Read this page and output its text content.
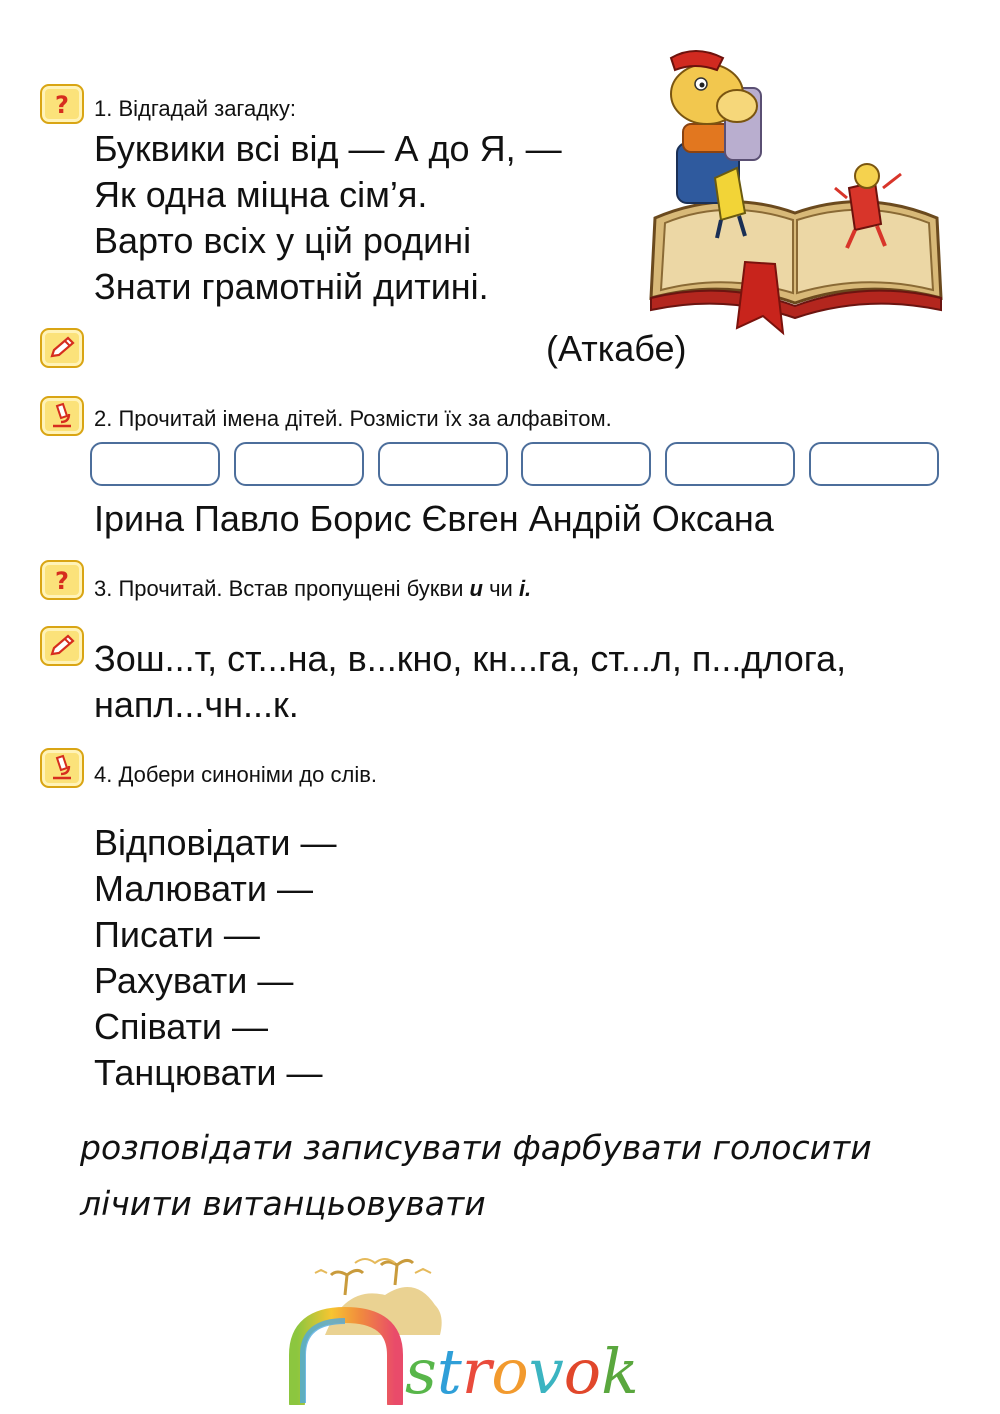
? 1. Відгадай загадку:
Буквики всі від — А до Я, —
Як одна міцна сім’я.
Варто всіх у цій родині
Знати грамотній дитині.
(Аткабе)
2. Прочитай імена дітей. Розмісти їх за алфавітом.
Ірина Павло Борис Євген Андрій Оксана
? 3. Прочитай. Встав пропущені букви и чи і.
Зош...т, ст...на, в...кно, кн...га, ст...л, п...длога,
напл...чн...к.
4. Добери синоніми до слів.
Відповідати —
Малювати —
Писати —
Рахувати —
Співати —
Танцювати —
розповідати записувати фарбувати голосити
лічити витанцьовувати
strovok
